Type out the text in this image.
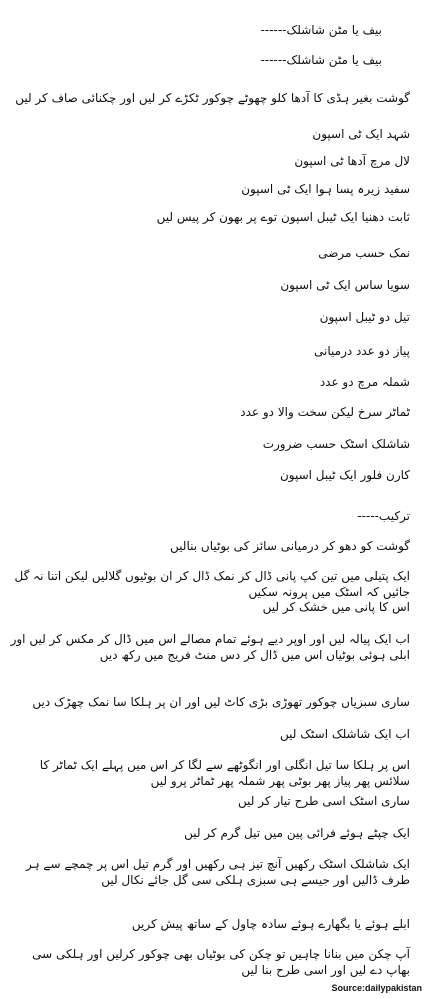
بیف یا مٹن شاشلک------
بیف یا مٹن شاشلک------
گوشت بغیر ہڈی کا آدھا کلو چھوٹے چوکور ٹکڑے کر لیں اور چکنائی صاف کر لیں
شہد ایک ٹی اسپون
لال مرچ آدھا ٹی اسپون
سفید زیرہ پسا ہوا ایک ٹی اسپون
ثابت دھنیا ایک ٹیبل اسپون توے پر بھون کر پیس لیں
نمک حسب مرضی
سویا ساس ایک ٹی اسپون
تیل دو ٹیبل اسپون
پیاز دو عدد درمیانی
شملہ مرچ دو عدد
ٹماٹر سرخ لیکن سخت والا دو عدد
شاشلک اسٹک حسب ضرورت
کارن فلور ایک ٹیبل اسپون
ترکیب-----
گوشت کو دھو کر درمیانی سائز کی بوٹیاں بنالیں
ایک پتیلی میں تین کپ پانی ڈال کر نمک ڈال کر ان بوٹیوں گلالیں لیکن اتنا نہ گل جائیں کہ اسٹک میں پرونہ سکیں
اس کا پانی میں خشک کر لیں
اب ایک پیالہ لیں اور اوپر دیے ہوئے تمام مصالے اس میں ڈال کر مکس کر لیں اور ابلی ہوئی بوٹیاں اس میں ڈال کر دس منٹ فریج میں رکھ دیں
ساری سبزیاں چوکور تھوڑی بڑی کاٹ لیں اور ان پر ہلکا سا نمک چھڑک دیں
اب ایک شاشلک اسٹک لیں
اس پر ہلکا سا تیل انگلی اور انگوٹھے سے لگا کر اس میں پہلے ایک ٹماٹر کا سلائس پھر پیاز پھر بوٹی پھر شملہ پھر ٹماٹر پرو لیں
ساری اسٹک اسی طرح تیار کر لیں
ایک چپٹے ہوئے فرائی پین میں تیل گرم کر لیں
ایک شاشلک اسٹک رکھیں آنچ تیز ہی رکھیں اور گرم تیل اس پر چمچے سے ہر طرف ڈالیں اور جیسے ہی سبزی ہلکی سی گل جائے نکال لیں
ابلے ہوئے یا بگھارے ہوئے سادہ چاول کے ساتھ پیش کریں
آپ چکن میں بنانا چاہیں تو چکن کی بوٹیاں بھی چوکور کرلیں اور ہلکی سی بھاپ دے لیں اور اسی طرح بنا لیں
Source:dailypakistan
